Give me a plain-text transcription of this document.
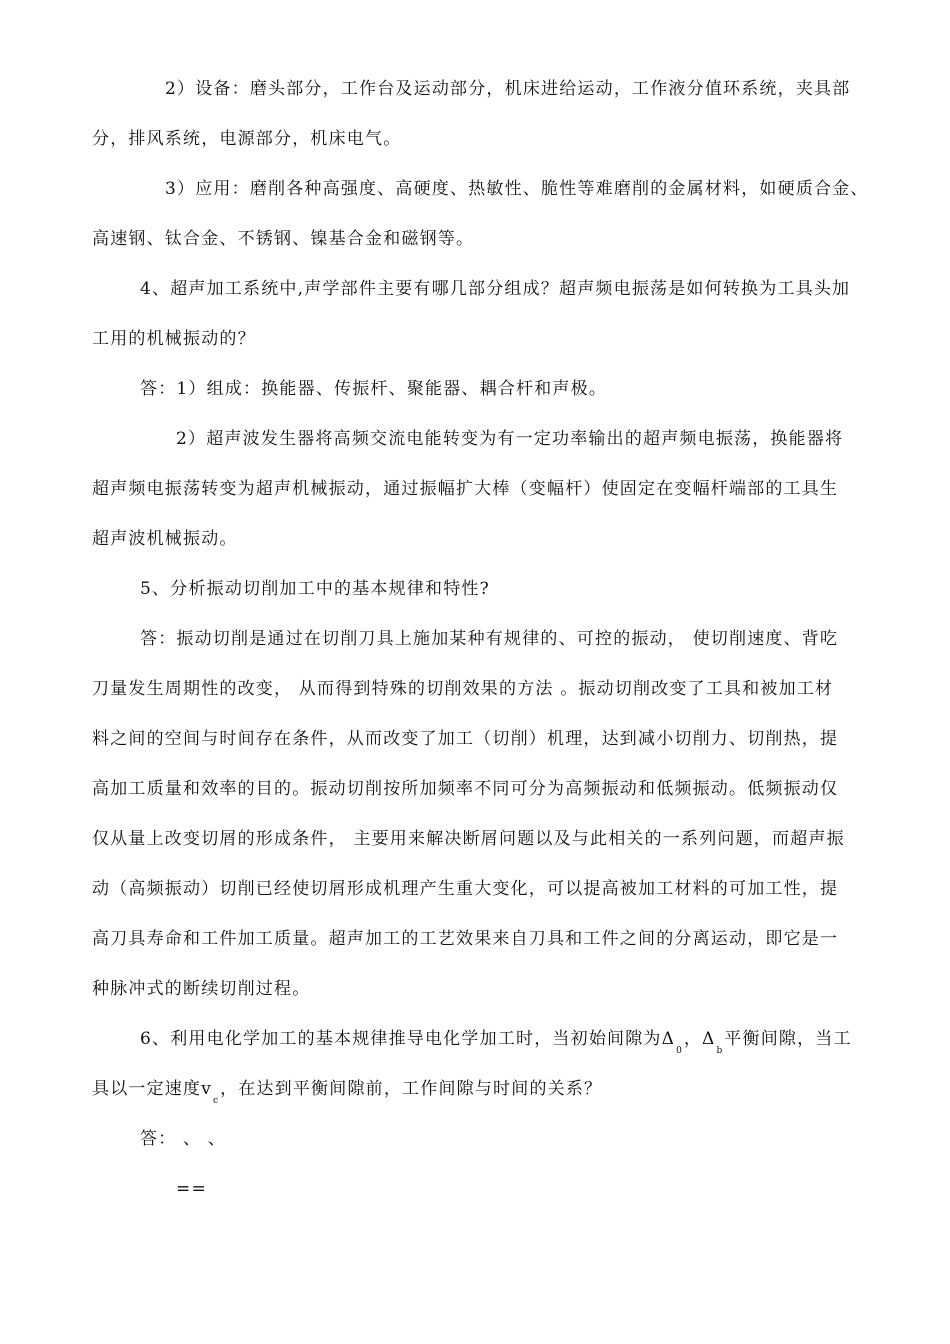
2）设备：磨头部分，工作台及运动部分，机床进给运动，工作液分值环系统，夹具部
分，排风系统，电源部分，机床电气。
3）应用：磨削各种高强度、高硬度、热敏性、脆性等难磨削的金属材料，如硬质合金、
高速钢、钛合金、不锈钢、镍基合金和磁钢等。
4、超声加工系统中,声学部件主要有哪几部分组成？超声频电振荡是如何转换为工具头加
工用的机械振动的？
答：1）组成：换能器、传振杆、聚能器、耦合杆和声极。
2）超声波发生器将高频交流电能转变为有一定功率输出的超声频电振荡，换能器将
超声频电振荡转变为超声机械振动，通过振幅扩大棒（变幅杆）使固定在变幅杆端部的工具生
超声波机械振动。
5、分析振动切削加工中的基本规律和特性?
答：振动切削是通过在切削刀具上施加某种有规律的、可控的振动， 使切削速度、背吃
刀量发生周期性的改变， 从而得到特殊的切削效果的方法 。振动切削改变了工具和被加工材
料之间的空间与时间存在条件，从而改变了加工（切削）机理，达到减小切削力、切削热，提
高加工质量和效率的目的。振动切削按所加频率不同可分为高频振动和低频振动。低频振动仅
仅从量上改变切屑的形成条件， 主要用来解决断屑问题以及与此相关的一系列问题，而超声振
动（高频振动）切削已经使切屑形成机理产生重大变化，可以提高被加工材料的可加工性，提
高刀具寿命和工件加工质量。超声加工的工艺效果来自刀具和工件之间的分离运动，即它是一
种脉冲式的断续切削过程。
6、利用电化学加工的基本规律推导电化学加工时，当初始间隙为$\Delta_0$，$\Delta_b$平衡间隙，当工
具以一定速度$v_c$，在达到平衡间隙前，工作间隙与时间的关系？
答： 、 、
==
